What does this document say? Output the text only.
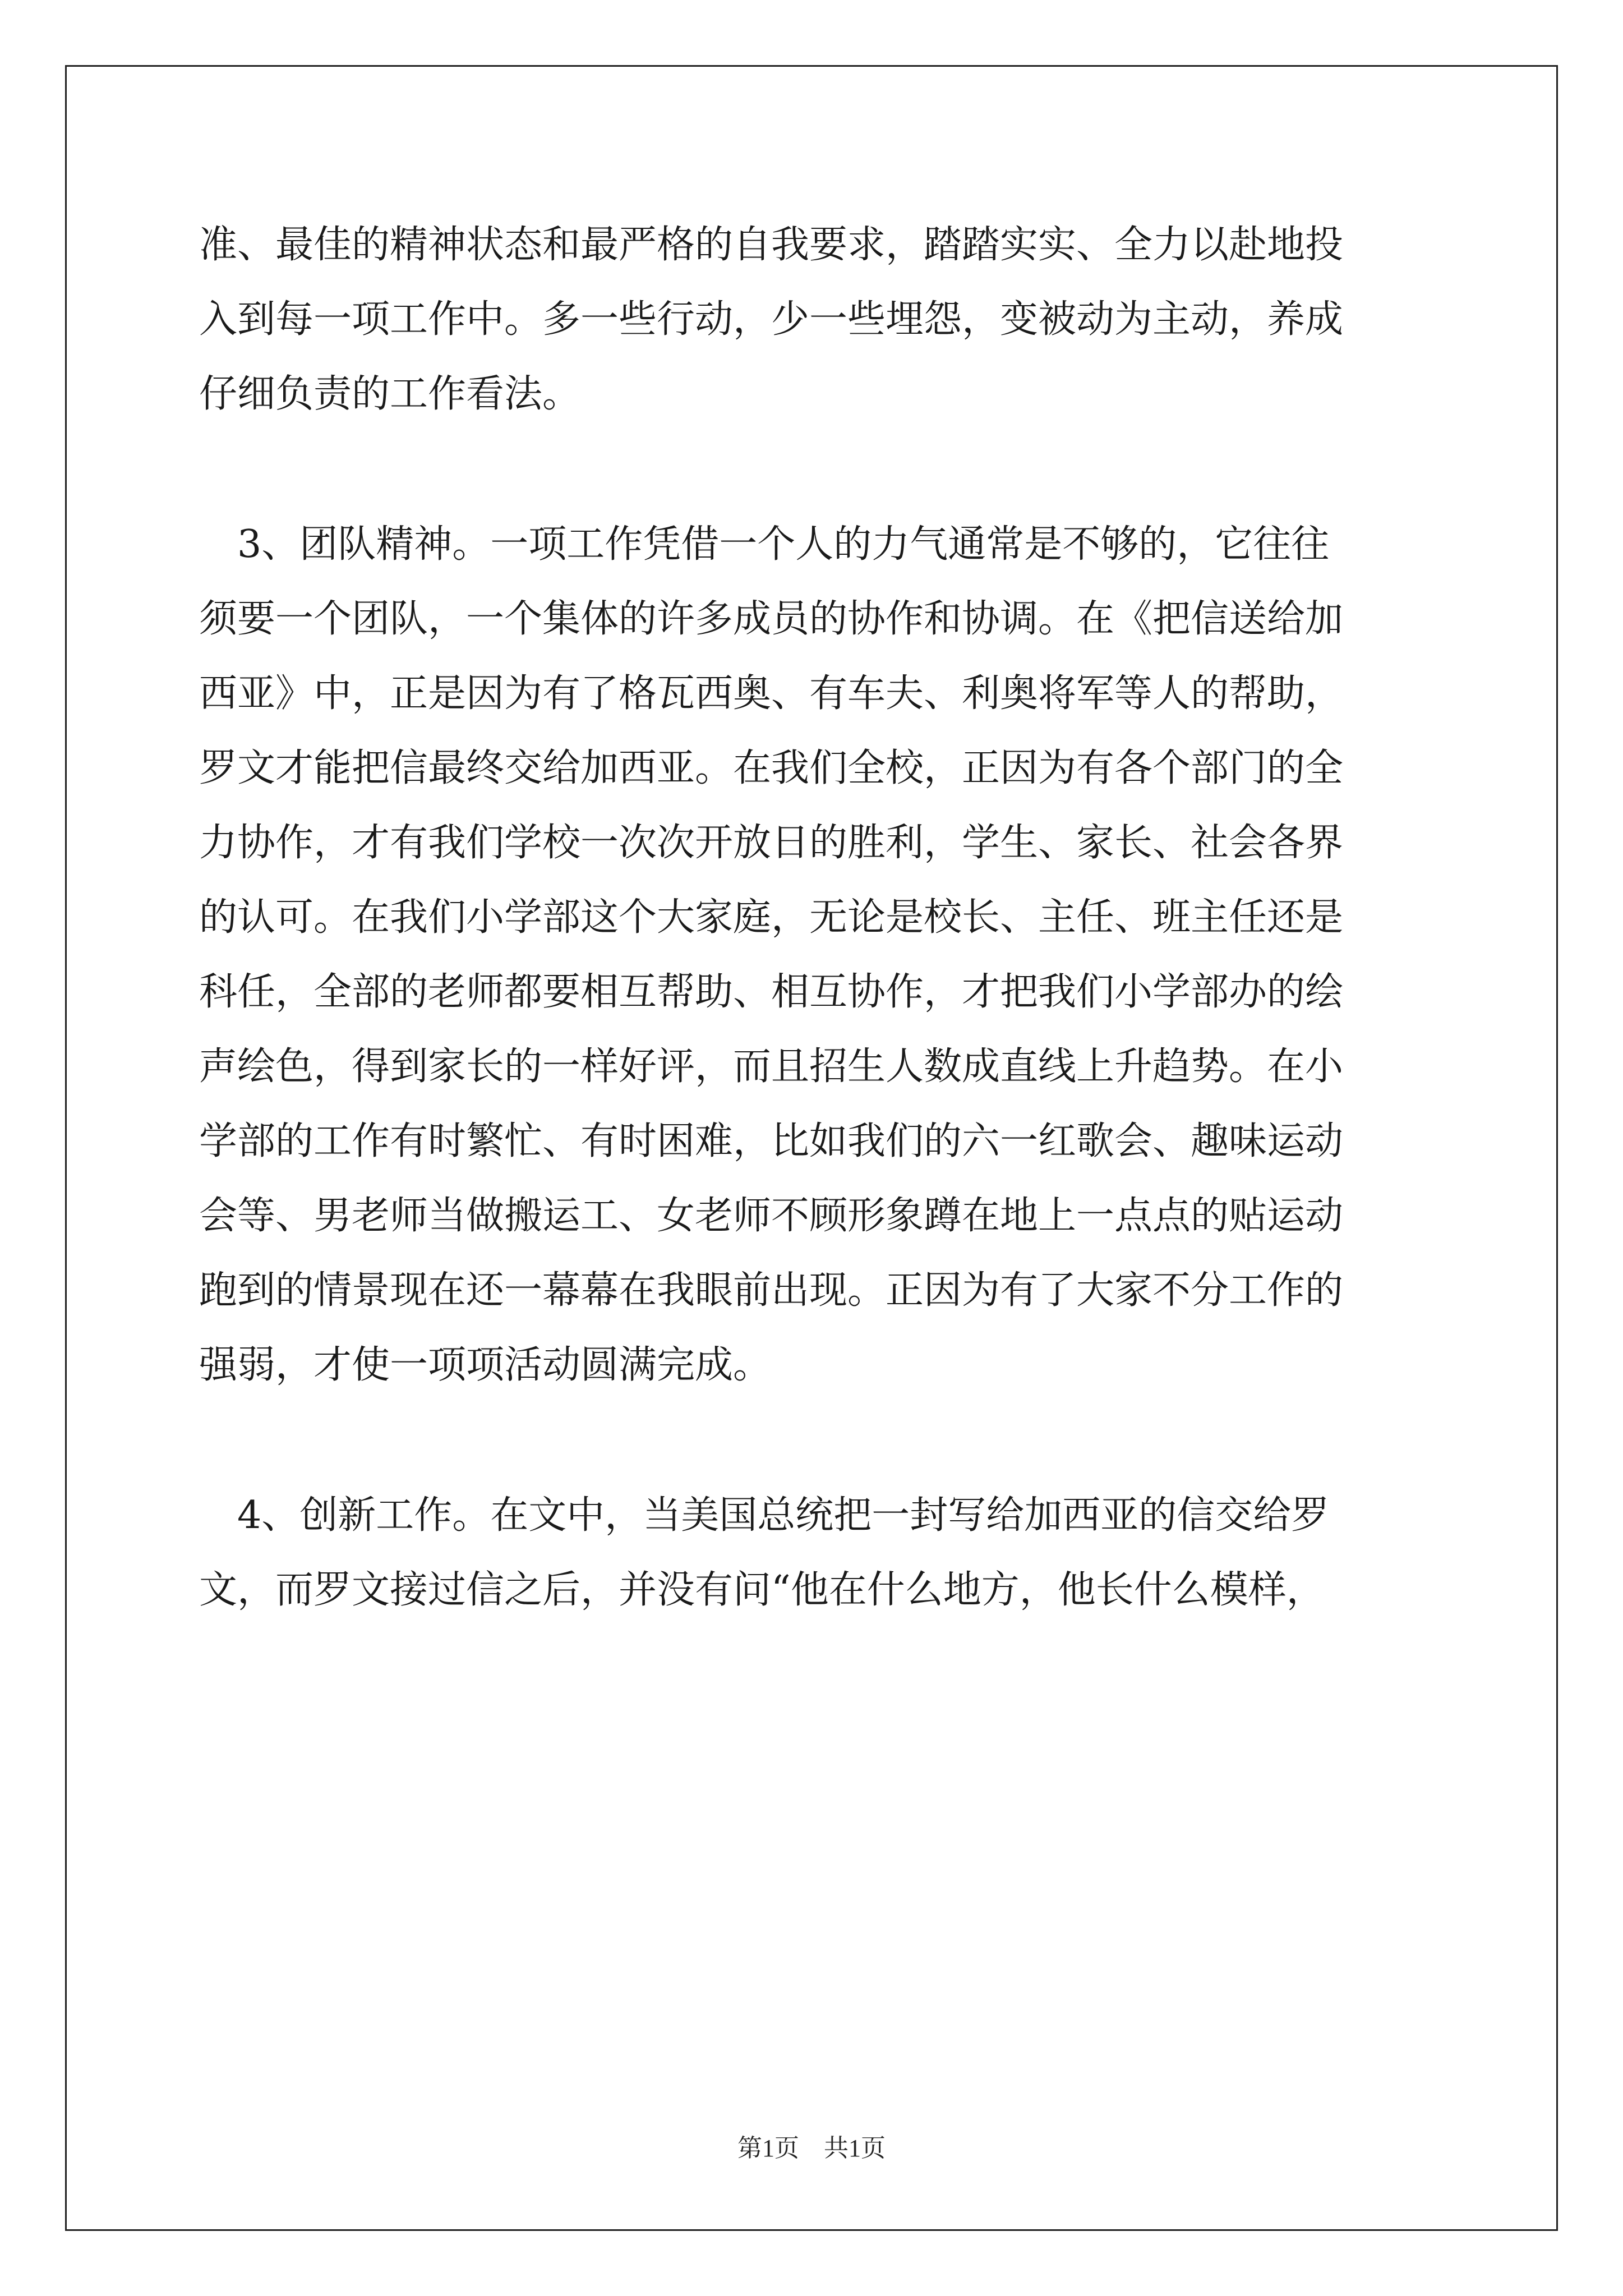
准、最佳的精神状态和最严格的自我要求，踏踏实实、全力以赴地投
入到每一项工作中。多一些行动，少一些埋怨，变被动为主动，养成
仔细负责的工作看法。
　3、团队精神。一项工作凭借一个人的力气通常是不够的，它往往
须要一个团队，一个集体的许多成员的协作和协调。在《把信送给加
西亚》中，正是因为有了格瓦西奥、有车夫、利奥将军等人的帮助，
罗文才能把信最终交给加西亚。在我们全校，正因为有各个部门的全
力协作，才有我们学校一次次开放日的胜利，学生、家长、社会各界
的认可。在我们小学部这个大家庭，无论是校长、主任、班主任还是
科任，全部的老师都要相互帮助、相互协作，才把我们小学部办的绘
声绘色，得到家长的一样好评，而且招生人数成直线上升趋势。在小
学部的工作有时繁忙、有时困难，比如我们的六一红歌会、趣味运动
会等、男老师当做搬运工、女老师不顾形象蹲在地上一点点的贴运动
跑到的情景现在还一幕幕在我眼前出现。正因为有了大家不分工作的
强弱，才使一项项活动圆满完成。
　4、创新工作。在文中，当美国总统把一封写给加西亚的信交给罗
文，而罗文接过信之后，并没有问“他在什么地方，他长什么模样，
第1页　共1页
